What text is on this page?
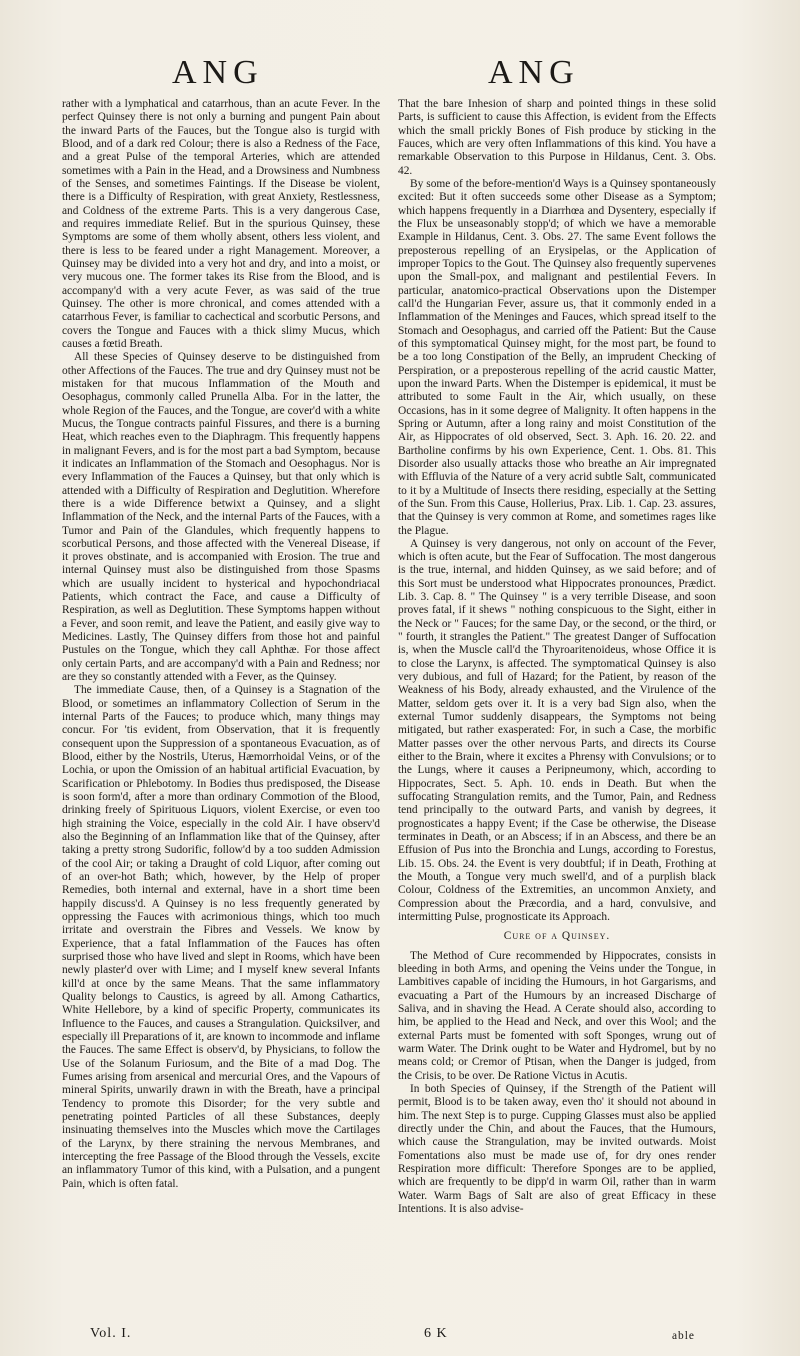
ANG	ANG

rather with a lymphatical and catarrhous, than an acute Fever. In the perfect Quinsey there is not only a burning and pungent Pain about the inward Parts of the Fauces, but the Tongue also is turgid with Blood, and of a dark red Colour; there is also a Redness of the Face, and a great Pulse of the temporal Arteries, which are attended sometimes with a Pain in the Head, and a Drowsiness and Numbness of the Senses, and sometimes Faintings. If the Disease be violent, there is a Difficulty of Respiration, with great Anxiety, Restlessness, and Coldness of the extreme Parts. This is a very dangerous Case, and requires immediate Relief. But in the spurious Quinsey, these Symptoms are some of them wholly absent, others less violent, and there is less to be feared under a right Management. Moreover, a Quinsey may be divided into a very hot and dry, and into a moist, or very mucous one. The former takes its Rise from the Blood, and is accompany'd with a very acute Fever, as was said of the true Quinsey. The other is more chronical, and comes attended with a catarrhous Fever, is familiar to cachectical and scorbutic Persons, and covers the Tongue and Fauces with a thick slimy Mucus, which causes a fœtid Breath.

All these Species of Quinsey deserve to be distinguished from other Affections of the Fauces. The true and dry Quinsey must not be mistaken for that mucous Inflammation of the Mouth and Oesophagus, commonly called Prunella Alba. For in the latter, the whole Region of the Fauces, and the Tongue, are cover'd with a white Mucus, the Tongue contracts painful Fissures, and there is a burning Heat, which reaches even to the Diaphragm. This frequently happens in malignant Fevers, and is for the most part a bad Symptom, because it indicates an Inflammation of the Stomach and Oesophagus. Nor is every Inflammation of the Fauces a Quinsey, but that only which is attended with a Difficulty of Respiration and Deglutition. Wherefore there is a wide Difference betwixt a Quinsey, and a slight Inflammation of the Neck, and the internal Parts of the Fauces, with a Tumor and Pain of the Glandules, which frequently happens to scorbutical Persons, and those affected with the Venereal Disease, if it proves obstinate, and is accompanied with Erosion. The true and internal Quinsey must also be distinguished from those Spasms which are usually incident to hysterical and hypochondriacal Patients, which contract the Face, and cause a Difficulty of Respiration, as well as Deglutition. These Symptoms happen without a Fever, and soon remit, and leave the Patient, and easily give way to Medicines. Lastly, The Quinsey differs from those hot and painful Pustules on the Tongue, which they call Aphthæ. For those affect only certain Parts, and are accompany'd with a Pain and Redness; nor are they so constantly attended with a Fever, as the Quinsey.

The immediate Cause, then, of a Quinsey is a Stagnation of the Blood, or sometimes an inflammatory Collection of Serum in the internal Parts of the Fauces; to produce which, many things may concur. For 'tis evident, from Observation, that it is frequently consequent upon the Suppression of a spontaneous Evacuation, as of Blood, either by the Nostrils, Uterus, Hæmorrhoidal Veins, or of the Lochia, or upon the Omission of an habitual artificial Evacuation, by Scarification or Phlebotomy. In Bodies thus predisposed, the Disease is soon form'd, after a more than ordinary Commotion of the Blood, drinking freely of Spirituous Liquors, violent Exercise, or even too high straining the Voice, especially in the cold Air. I have observ'd also the Beginning of an Inflammation like that of the Quinsey, after taking a pretty strong Sudorific, follow'd by a too sudden Admission of the cool Air; or taking a Draught of cold Liquor, after coming out of an over-hot Bath; which, however, by the Help of proper Remedies, both internal and external, have in a short time been happily discuss'd. A Quinsey is no less frequently generated by oppressing the Fauces with acrimonious things, which too much irritate and overstrain the Fibres and Vessels. We know by Experience, that a fatal Inflammation of the Fauces has often surprised those who have lived and slept in Rooms, which have been newly plaster'd over with Lime; and I myself knew several Infants kill'd at once by the same Means. That the same inflammatory Quality belongs to Caustics, is agreed by all. Among Cathartics, White Hellebore, by a kind of specific Property, communicates its Influence to the Fauces, and causes a Strangulation. Quicksilver, and especially ill Preparations of it, are known to incommode and inflame the Fauces. The same Effect is observ'd, by Physicians, to follow the Use of the Solanum Furiosum, and the Bite of a mad Dog. The Fumes arising from arsenical and mercurial Ores, and the Vapours of mineral Spirits, unwarily drawn in with the Breath, have a principal Tendency to promote this Disorder; for the very subtle and penetrating pointed Particles of all these Substances, deeply insinuating themselves into the Muscles which move the Cartilages of the Larynx, by there straining the nervous Membranes, and intercepting the free Passage of the Blood through the Vessels, excite an inflammatory Tumor of this kind, with a Pulsation, and a pungent Pain, which is often fatal.

That the bare Inhesion of sharp and pointed things in these solid Parts, is sufficient to cause this Affection, is evident from the Effects which the small prickly Bones of Fish produce by sticking in the Fauces, which are very often Inflammations of this kind. You have a remarkable Observation to this Purpose in Hildanus, Cent. 3. Obs. 42.

By some of the before-mention'd Ways is a Quinsey spontaneously excited: But it often succeeds some other Disease as a Symptom; which happens frequently in a Diarrhœa and Dysentery, especially if the Flux be unseasonably stopp'd; of which we have a memorable Example in Hildanus, Cent. 3. Obs. 27. The same Event follows the preposterous repelling of an Erysipelas, or the Application of improper Topics to the Gout. The Quinsey also frequently supervenes upon the Small-pox, and malignant and pestilential Fevers. In particular, anatomico-practical Observations upon the Distemper call'd the Hungarian Fever, assure us, that it commonly ended in a Inflammation of the Meninges and Fauces, which spread itself to the Stomach and Oesophagus, and carried off the Patient: But the Cause of this symptomatical Quinsey might, for the most part, be found to be a too long Constipation of the Belly, an imprudent Checking of Perspiration, or a preposterous repelling of the acrid caustic Matter, upon the inward Parts. When the Distemper is epidemical, it must be attributed to some Fault in the Air, which usually, on these Occasions, has in it some degree of Malignity. It often happens in the Spring or Autumn, after a long rainy and moist Constitution of the Air, as Hippocrates of old observed, Sect. 3. Aph. 16. 20. 22. and Bartholine confirms by his own Experience, Cent. 1. Obs. 81. This Disorder also usually attacks those who breathe an Air impregnated with Effluvia of the Nature of a very acrid subtle Salt, communicated to it by a Multitude of Insects there residing, especially at the Setting of the Sun. From this Cause, Hollerius, Prax. Lib. 1. Cap. 23. assures, that the Quinsey is very common at Rome, and sometimes rages like the Plague.

A Quinsey is very dangerous, not only on account of the Fever, which is often acute, but the Fear of Suffocation. The most dangerous is the true, internal, and hidden Quinsey, as we said before; and of this Sort must be understood what Hippocrates pronounces, Prædict. Lib. 3. Cap. 8. " The Quinsey " is a very terrible Disease, and soon proves fatal, if it shews " nothing conspicuous to the Sight, either in the Neck or " Fauces; for the same Day, or the second, or the third, or " fourth, it strangles the Patient." The greatest Danger of Suffocation is, when the Muscle call'd the Thyroaritenoideus, whose Office it is to close the Larynx, is affected. The symptomatical Quinsey is also very dubious, and full of Hazard; for the Patient, by reason of the Weakness of his Body, already exhausted, and the Virulence of the Matter, seldom gets over it. It is a very bad Sign also, when the external Tumor suddenly disappears, the Symptoms not being mitigated, but rather exasperated: For, in such a Case, the morbific Matter passes over the other nervous Parts, and directs its Course either to the Brain, where it excites a Phrensy with Convulsions; or to the Lungs, where it causes a Peripneumony, which, according to Hippocrates, Sect. 5. Aph. 10. ends in Death. But when the suffocating Strangulation remits, and the Tumor, Pain, and Redness tend principally to the outward Parts, and vanish by degrees, it prognosticates a happy Event; if the Case be otherwise, the Disease terminates in Death, or an Abscess; if in an Abscess, and there be an Effusion of Pus into the Bronchia and Lungs, according to Forestus, Lib. 15. Obs. 24. the Event is very doubtful; if in Death, Frothing at the Mouth, a Tongue very much swell'd, and of a purplish black Colour, Coldness of the Extremities, an uncommon Anxiety, and Compression about the Præcordia, and a hard, convulsive, and intermitting Pulse, prognosticate its Approach.

Cure of a Quinsey.

The Method of Cure recommended by Hippocrates, consists in bleeding in both Arms, and opening the Veins under the Tongue, in Lambitives capable of inciding the Humours, in hot Gargarisms, and evacuating a Part of the Humours by an increased Discharge of Saliva, and in shaving the Head. A Cerate should also, according to him, be applied to the Head and Neck, and over this Wool; and the external Parts must be fomented with soft Sponges, wrung out of warm Water. The Drink ought to be Water and Hydromel, but by no means cold; or Cremor of Ptisan, when the Danger is judged, from the Crisis, to be over. De Ratione Victus in Acutis.

In both Species of Quinsey, if the Strength of the Patient will permit, Blood is to be taken away, even tho' it should not abound in him. The next Step is to purge. Cupping Glasses must also be applied directly under the Chin, and about the Fauces, that the Humours, which cause the Strangulation, may be invited outwards. Moist Fomentations also must be made use of, for dry ones render Respiration more difficult: Therefore Sponges are to be applied, which are frequently to be dipp'd in warm Oil, rather than in warm Water. Warm Bags of Salt are also of great Efficacy in these Intentions. It is also advise-

Vol. I.	6 K	able
